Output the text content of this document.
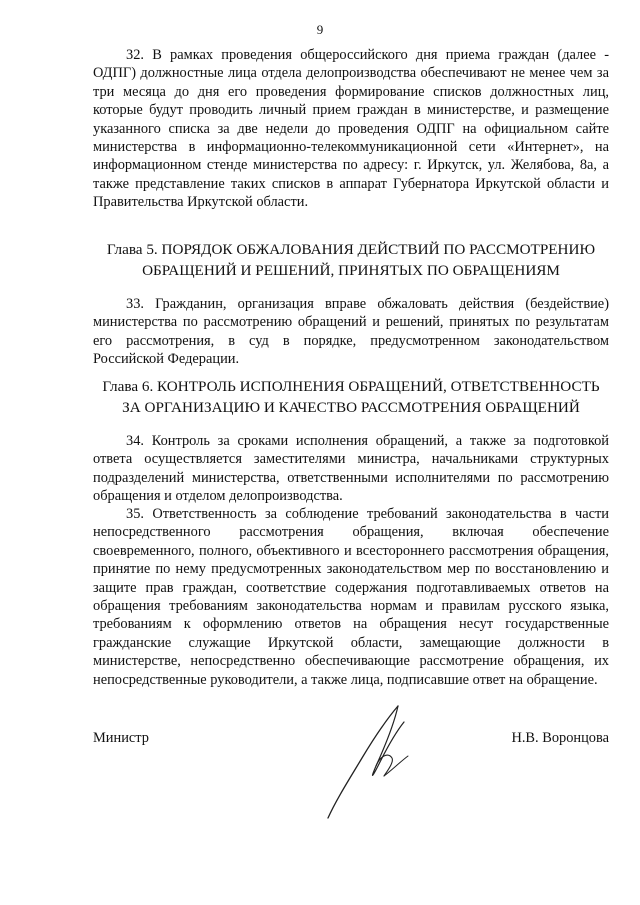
9

32. В рамках проведения общероссийского дня приема граждан (далее - ОДПГ) должностные лица отдела делопроизводства обеспечивают не менее чем за три месяца до дня его проведения формирование списков должностных лиц, которые будут проводить личный прием граждан в министерстве, и размещение указанного списка за две недели до проведения ОДПГ на официальном сайте министерства в информационно-телекоммуникационной сети «Интернет», на информационном стенде министерства по адресу: г. Иркутск, ул. Желябова, 8а, а также представление таких списков в аппарат Губернатора Иркутской области и Правительства Иркутской области.

Глава 5. ПОРЯДОК ОБЖАЛОВАНИЯ ДЕЙСТВИЙ ПО РАССМОТРЕНИЮ
ОБРАЩЕНИЙ И РЕШЕНИЙ, ПРИНЯТЫХ ПО ОБРАЩЕНИЯМ

33. Гражданин, организация вправе обжаловать действия (бездействие) министерства по рассмотрению обращений и решений, принятых по результатам его рассмотрения, в суд в порядке, предусмотренном законодательством Российской Федерации.

Глава 6. КОНТРОЛЬ ИСПОЛНЕНИЯ ОБРАЩЕНИЙ, ОТВЕТСТВЕННОСТЬ
ЗА ОРГАНИЗАЦИЮ И КАЧЕСТВО РАССМОТРЕНИЯ ОБРАЩЕНИЙ

34. Контроль за сроками исполнения обращений, а также за подготовкой ответа осуществляется заместителями министра, начальниками структурных подразделений министерства, ответственными исполнителями по рассмотрению обращения и отделом делопроизводства.

35. Ответственность за соблюдение требований законодательства в части непосредственного рассмотрения обращения, включая обеспечение своевременного, полного, объективного и всестороннего рассмотрения обращения, принятие по нему предусмотренных законодательством мер по восстановлению и защите прав граждан, соответствие содержания подготавливаемых ответов на обращения требованиям законодательства нормам и правилам русского языка, требованиям к оформлению ответов на обращения несут государственные гражданские служащие Иркутской области, замещающие должности в министерстве, непосредственно обеспечивающие рассмотрение обращения, их непосредственные руководители, а также лица, подписавшие ответ на обращение.

Министр	Н.В. Воронцова
